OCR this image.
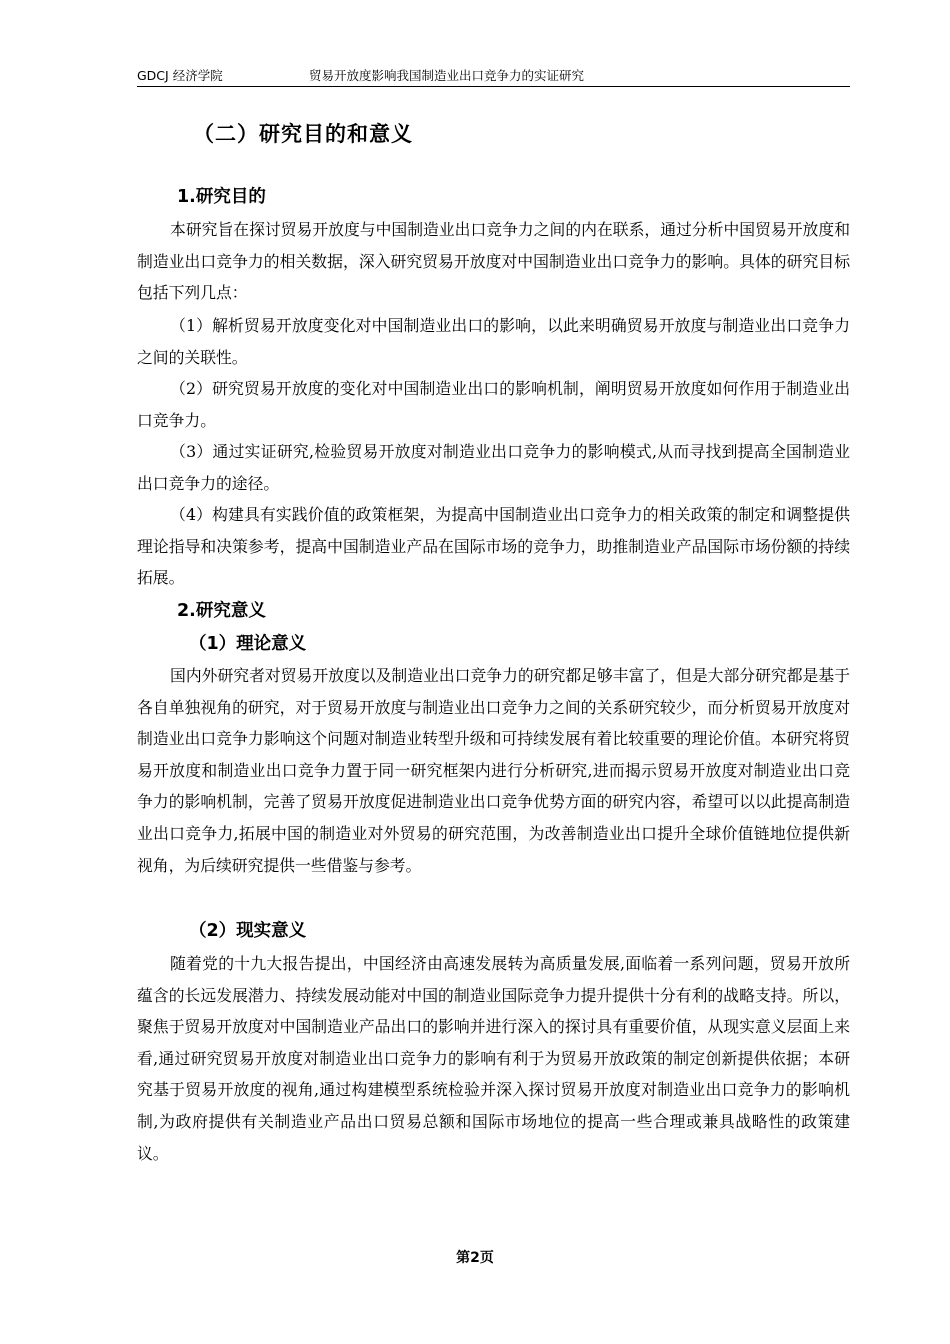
GDCJ 经济学院	贸易开放度影响我国制造业出口竞争力的实证研究
（二）研究目的和意义
1.研究目的

本研究旨在探讨贸易开放度与中国制造业出口竞争力之间的内在联系，通过分析中国贸易开放度和制造业出口竞争力的相关数据，深入研究贸易开放度对中国制造业出口竞争力的影响。具体的研究目标包括下列几点：

（1）解析贸易开放度变化对中国制造业出口的影响，以此来明确贸易开放度与制造业出口竞争力之间的关联性。

（2）研究贸易开放度的变化对中国制造业出口的影响机制，阐明贸易开放度如何作用于制造业出口竞争力。

（3）通过实证研究,检验贸易开放度对制造业出口竞争力的影响模式,从而寻找到提高全国制造业出口竞争力的途径。

（4）构建具有实践价值的政策框架，为提高中国制造业出口竞争力的相关政策的制定和调整提供理论指导和决策参考，提高中国制造业产品在国际市场的竞争力，助推制造业产品国际市场份额的持续拓展。

2.研究意义
（1）理论意义

国内外研究者对贸易开放度以及制造业出口竞争力的研究都足够丰富了，但是大部分研究都是基于各自单独视角的研究，对于贸易开放度与制造业出口竞争力之间的关系研究较少，而分析贸易开放度对制造业出口竞争力影响这个问题对制造业转型升级和可持续发展有着比较重要的理论价值。本研究将贸易开放度和制造业出口竞争力置于同一研究框架内进行分析研究,进而揭示贸易开放度对制造业出口竞争力的影响机制，完善了贸易开放度促进制造业出口竞争优势方面的研究内容，希望可以以此提高制造业出口竞争力,拓展中国的制造业对外贸易的研究范围，为改善制造业出口提升全球价值链地位提供新视角，为后续研究提供一些借鉴与参考。

（2）现实意义

随着党的十九大报告提出，中国经济由高速发展转为高质量发展,面临着一系列问题，贸易开放所蕴含的长远发展潜力、持续发展动能对中国的制造业国际竞争力提升提供十分有利的战略支持。所以，聚焦于贸易开放度对中国制造业产品出口的影响并进行深入的探讨具有重要价值，从现实意义层面上来看,通过研究贸易开放度对制造业出口竞争力的影响有利于为贸易开放政策的制定创新提供依据；本研究基于贸易开放度的视角,通过构建模型系统检验并深入探讨贸易开放度对制造业出口竞争力的影响机制,为政府提供有关制造业产品出口贸易总额和国际市场地位的提高一些合理或兼具战略性的政策建议。

第2页
